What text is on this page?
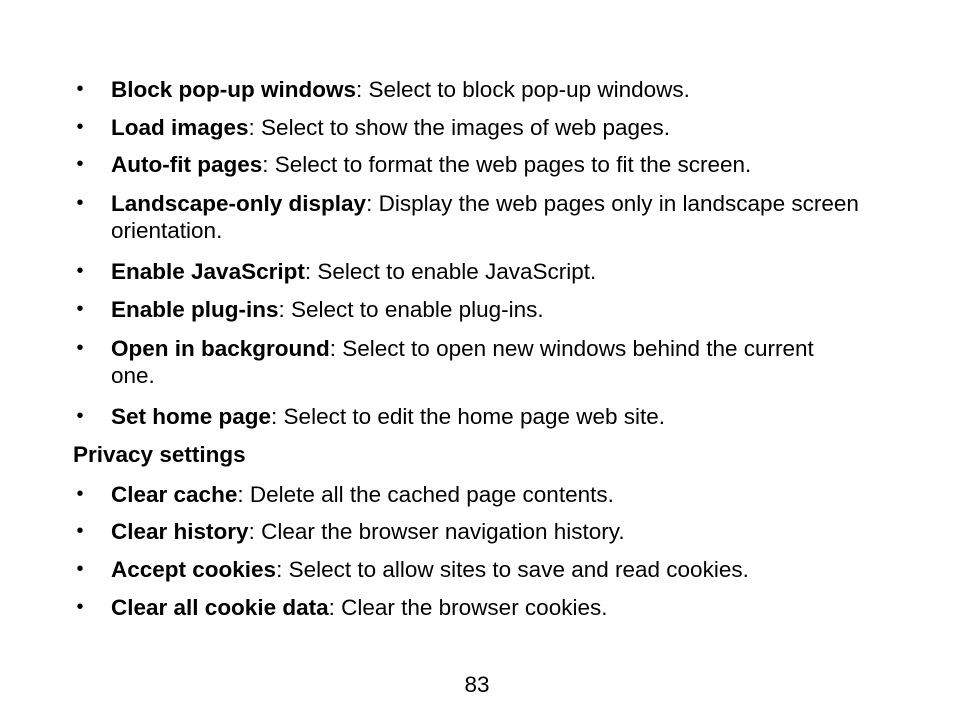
• Block pop-up windows: Select to block pop-up windows.
• Load images: Select to show the images of web pages.
• Auto-fit pages: Select to format the web pages to fit the screen.
• Landscape-only display: Display the web pages only in landscape screen orientation.
• Enable JavaScript: Select to enable JavaScript.
• Enable plug-ins: Select to enable plug-ins.
• Open in background: Select to open new windows behind the current one.
• Set home page: Select to edit the home page web site.
Privacy settings
• Clear cache: Delete all the cached page contents.
• Clear history: Clear the browser navigation history.
• Accept cookies: Select to allow sites to save and read cookies.
• Clear all cookie data: Clear the browser cookies.
83
